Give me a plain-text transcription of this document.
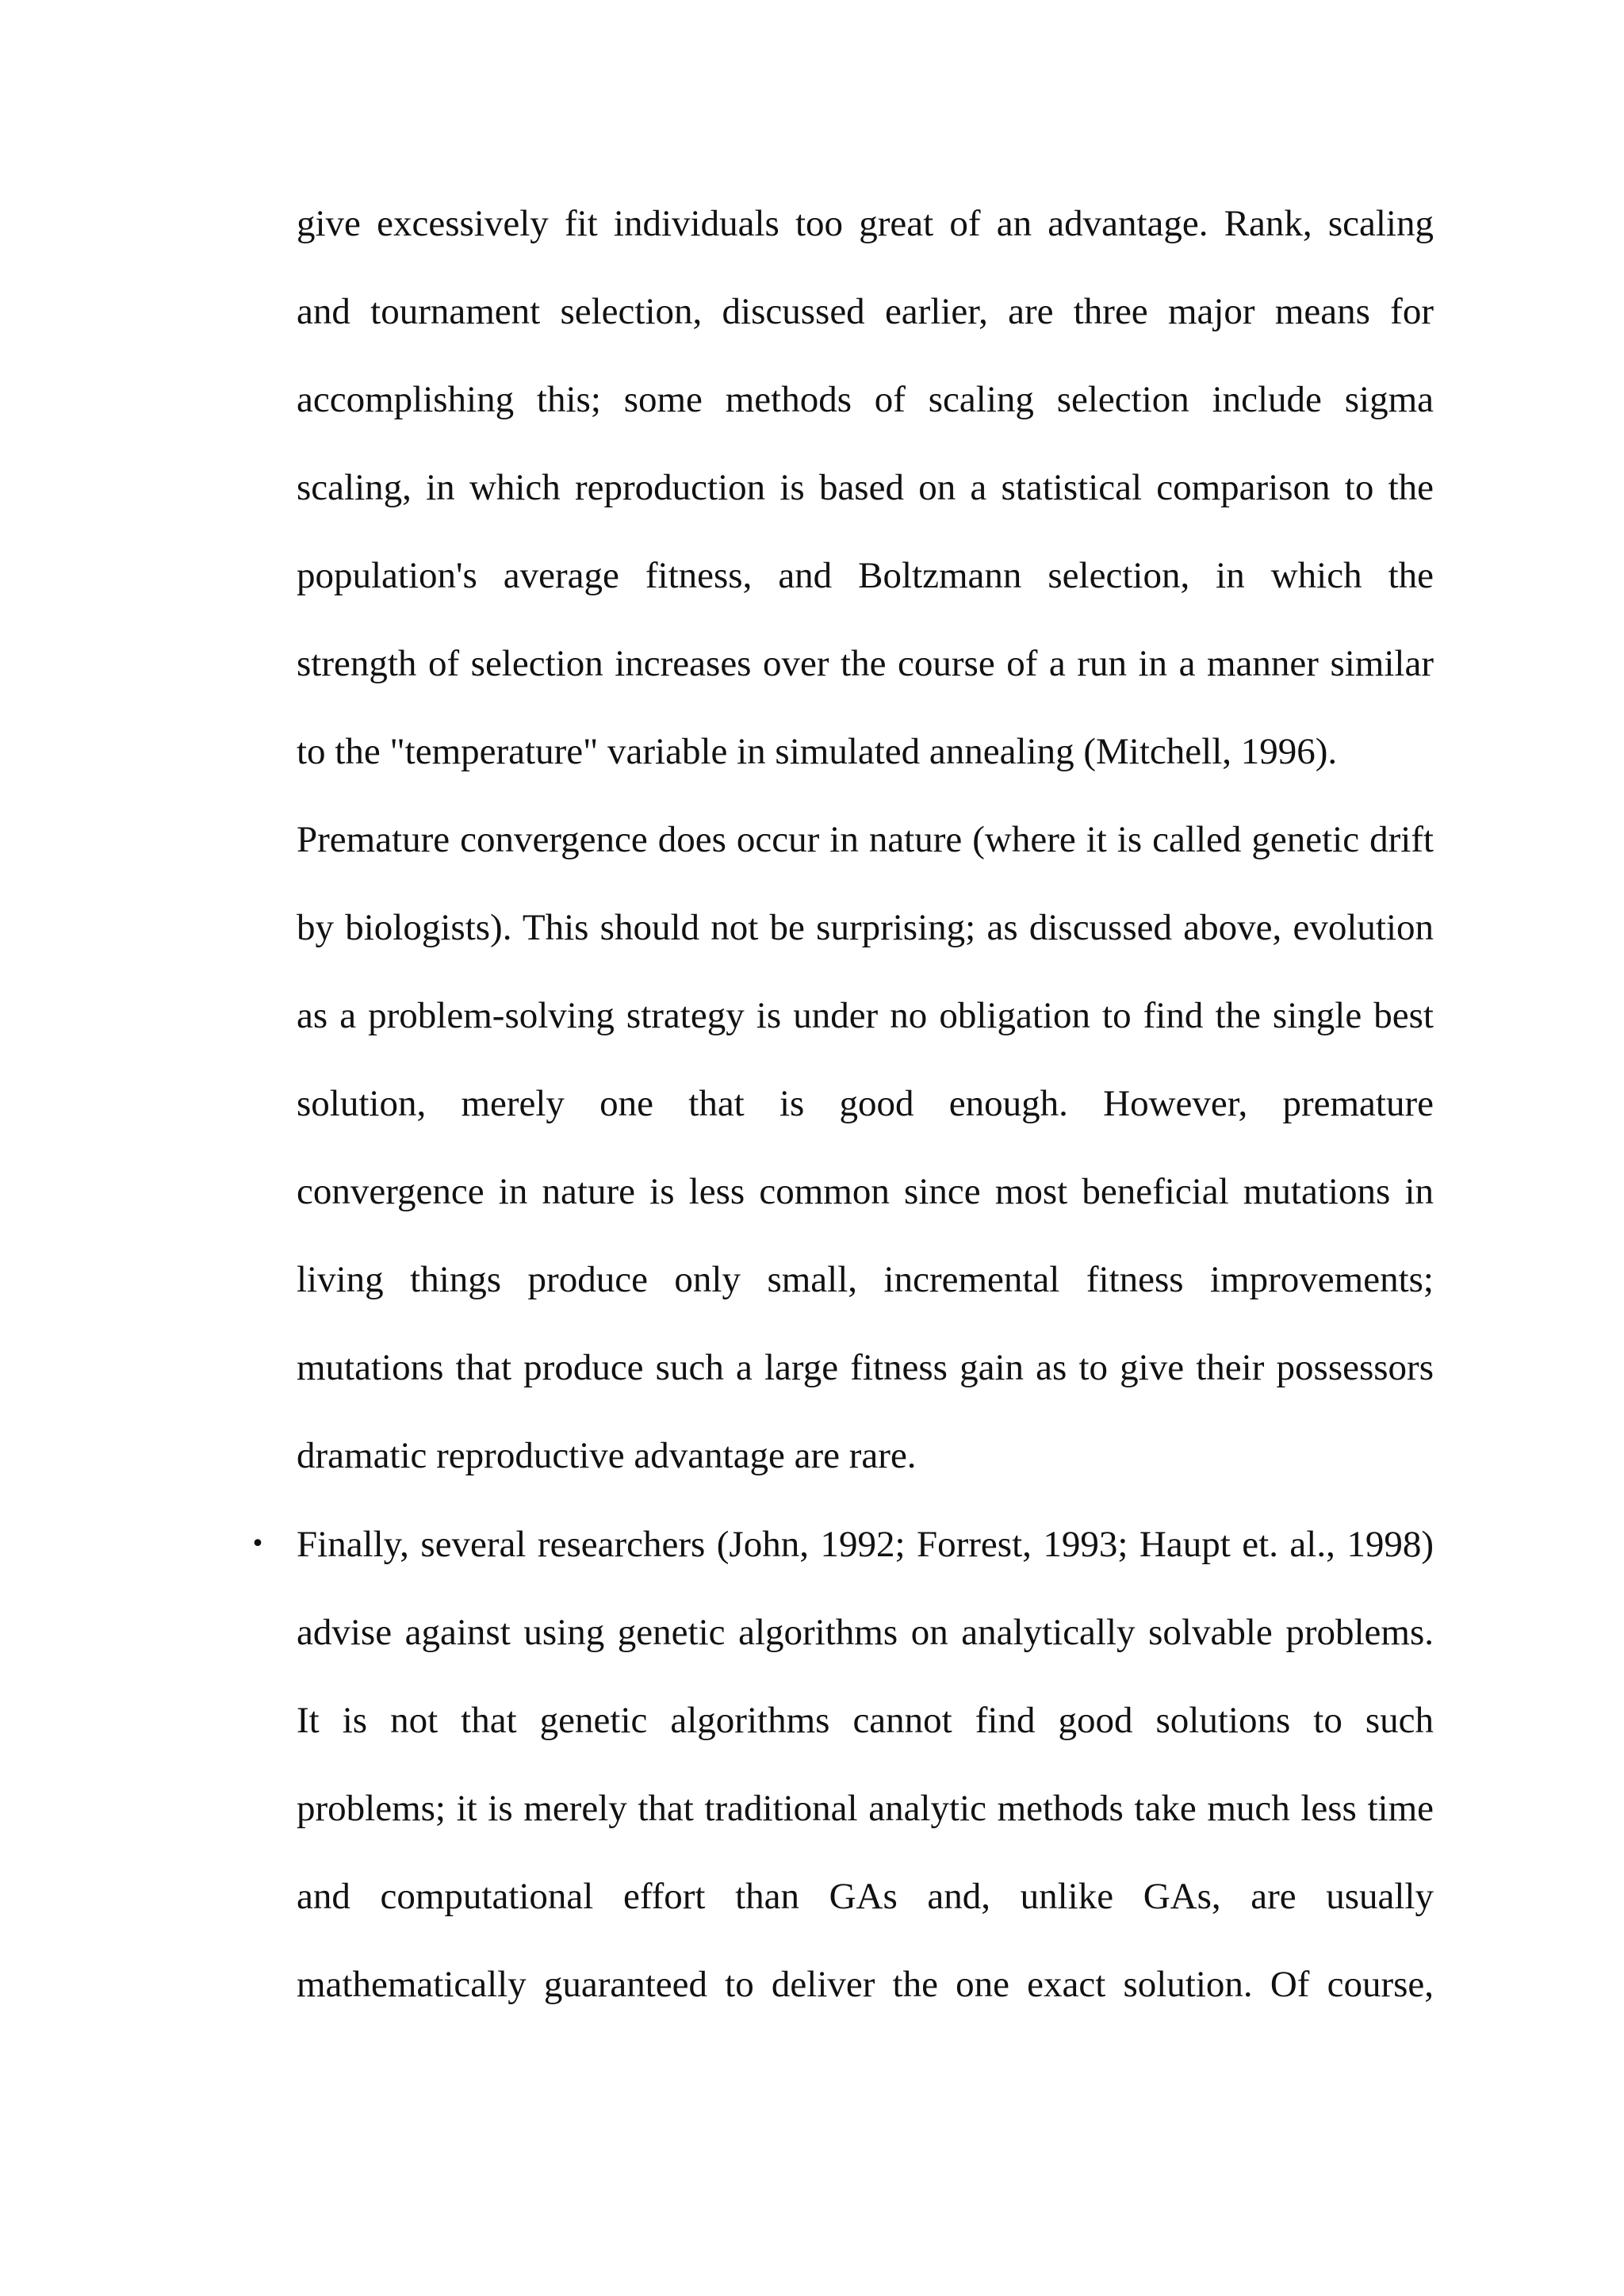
give excessively fit individuals too great of an advantage. Rank, scaling
and tournament selection, discussed earlier, are three major means for
accomplishing this; some methods of scaling selection include sigma
scaling, in which reproduction is based on a statistical comparison to the
population's average fitness, and Boltzmann selection, in which the
strength of selection increases over the course of a run in a manner similar
to the "temperature" variable in simulated annealing (Mitchell, 1996).
Premature convergence does occur in nature (where it is called genetic drift
by biologists). This should not be surprising; as discussed above, evolution
as a problem-solving strategy is under no obligation to find the single best
solution, merely one that is good enough. However, premature
convergence in nature is less common since most beneficial mutations in
living things produce only small, incremental fitness improvements;
mutations that produce such a large fitness gain as to give their possessors
dramatic reproductive advantage are rare.
• Finally, several researchers (John, 1992; Forrest, 1993; Haupt et. al., 1998)
advise against using genetic algorithms on analytically solvable problems.
It is not that genetic algorithms cannot find good solutions to such
problems; it is merely that traditional analytic methods take much less time
and computational effort than GAs and, unlike GAs, are usually
mathematically guaranteed to deliver the one exact solution. Of course,
